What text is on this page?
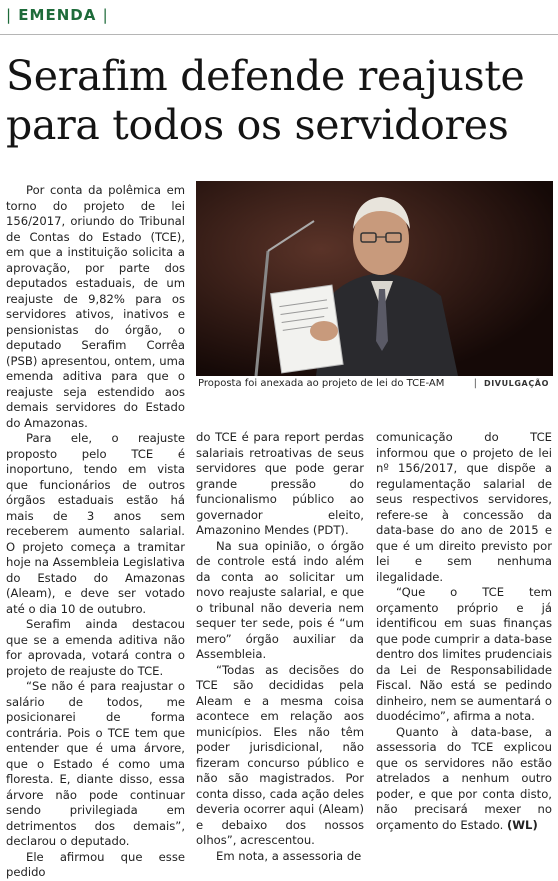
| EMENDA |
Serafim defende reajuste para todos os servidores
Proposta foi anexada ao projeto de lei do TCE-AM	| DIVULGAÇÃO

Por conta da polêmica em torno do projeto de lei 156/2017, oriundo do Tribunal de Contas do Estado (TCE), em que a instituição solicita a aprovação, por parte dos deputados estaduais, de um reajuste de 9,82% para os servidores ativos, inativos e pensionistas do órgão, o deputado Serafim Corrêa (PSB) apresentou, ontem, uma emenda aditiva para que o reajuste seja estendido aos demais servidores do Estado do Amazonas.

Para ele, o reajuste proposto pelo TCE é inoportuno, tendo em vista que funcionários de outros órgãos estaduais estão há mais de 3 anos sem receberem aumento salarial. O projeto começa a tramitar hoje na Assembleia Legislativa do Estado do Amazonas (Aleam), e deve ser votado até o dia 10 de outubro.

Serafim ainda destacou que se a emenda aditiva não for aprovada, votará contra o projeto de reajuste do TCE.

“Se não é para reajustar o salário de todos, me posicionarei de forma contrária. Pois o TCE tem que entender que é uma árvore, que o Estado é como uma floresta. E, diante disso, essa árvore não pode continuar sendo privilegiada em detrimentos dos demais”, declarou o deputado.

Ele afirmou que esse pedido

do TCE é para report perdas salariais retroativas de seus servidores que pode gerar grande pressão do funcionalismo público ao governador eleito, Amazonino Mendes (PDT).

Na sua opinião, o órgão de controle está indo além da conta ao solicitar um novo reajuste salarial, e que o tribunal não deveria nem sequer ter sede, pois é “um mero” órgão auxiliar da Assembleia.

“Todas as decisões do TCE são decididas pela Aleam e a mesma coisa acontece em relação aos municípios. Eles não têm poder jurisdicional, não fizeram concurso público e não são magistrados. Por conta disso, cada ação deles deveria ocorrer aqui (Aleam) e debaixo dos nossos olhos”, acrescentou.

Em nota, a assessoria de

comunicação do TCE informou que o projeto de lei nº 156/2017, que dispõe a regulamentação salarial de seus respectivos servidores, refere-se à concessão da data-base do ano de 2015 e que é um direito previsto por lei e sem nenhuma ilegalidade.

“Que o TCE tem orçamento próprio e já identificou em suas finanças que pode cumprir a data-base dentro dos limites prudenciais da Lei de Responsabilidade Fiscal. Não está se pedindo dinheiro, nem se aumentará o duodécimo”, afirma a nota.

Quanto à data-base, a assessoria do TCE explicou que os servidores não estão atrelados a nenhum outro poder, e que por conta disto, não precisará mexer no orçamento do Estado. (WL)
